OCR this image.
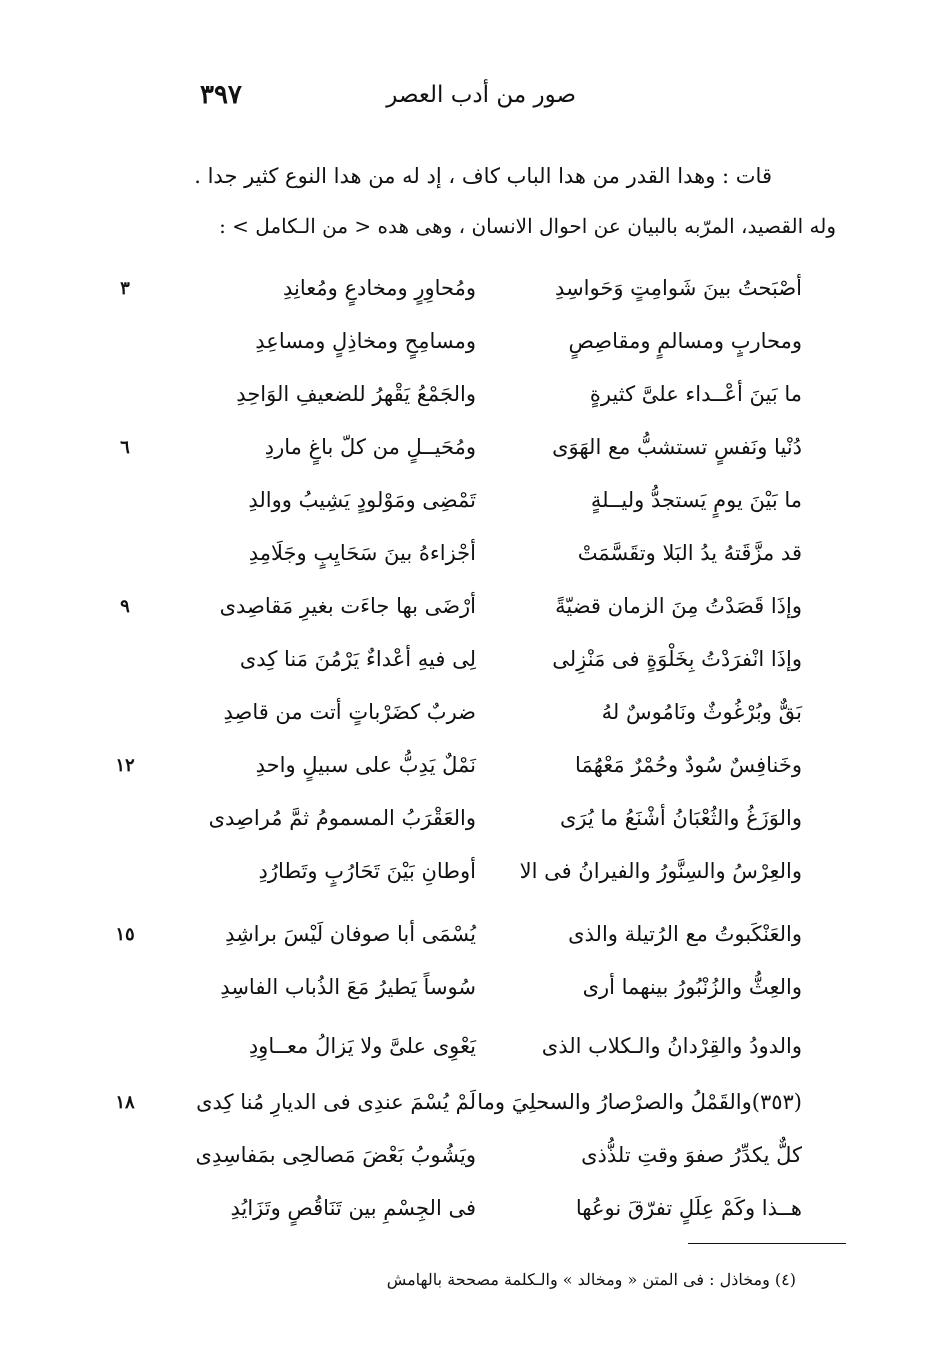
صور من أدب العصر
٣٩٧
قات : وهدا القدر من هدا الباب كاف ، إد له من هدا النوع كثير جدا .
وله القصيد، المرّبه بالبيان عن احوال الانسان ، وهى هده < من الـكامل > :
أصْبَحتُ بينَ شَوامِتٍ وَحَواسِدِ
ومُحاوِرٍ ومخادعٍ ومُعانِدِ
٣
ومحاربٍ ومسالمٍ ومقاصِصٍ
ومسامِحٍ ومخاذِلٍ ومساعِدِ
ما بَينَ أعْــداء علىَّ كثيرةٍ
والجَمْعُ يَقْهرُ للضعيفِ الوَاحِدِ
دُنْيا ونَفسٍ تستشبُّ مع الهَوَى
ومُحَيــلٍ من كلّ باغٍ ماردِ
٦
ما بَيْنَ يومٍ يَستجدُّ وليــلةٍ
تَمْضِى ومَوْلودٍ يَشِيبُ ووالدِ
قد مزَّقَتهُ يدُ البَلا وتقَسَّمَتْ
أجْزاءهُ بينَ سَحَايِبٍ وجَلَامِدِ
وإذَا قَصَدْتُ مِنَ الزمان قضيّةً
أرْضَى بها جاءَت بغيرِ مَقاصِدى
٩
وإذَا انْفرَدْتُ بِخَلْوَةٍ فى مَنْزِلى
لِى فيهِ أعْداءٌ يَرْمُنَ مَنا كِدى
بَقٌّ وبُرْغُوثٌ ونَامُوسٌ لهُ
ضربٌ كضَرْباتٍ أتت من قاصِدِ
وخَنافِسٌ سُودٌ وحُمْرٌ مَعْهُمَا
نَمْلٌ يَدِبُّ على سبيلٍ واحدِ
١٢
والوَزَغُ والثُعْبَانُ أشْنَعُ ما يُرَى
والعَقْرَبُ المسمومُ ثمَّ مُراصِدى
والعِرْسُ والسِنَّورُ والفيرانُ فى الا
أوطانِ بَيْنَ تَحَارُبٍ وتَطارُدِ
والعَنْكَبوتُ مع الرُتيلة والذى
يُسْمَى أبا صوفان لَيْسَ براشِدِ
١٥
والعِثُّ والزُنْبُورُ بينهما أرى
سُوساً يَطيرُ مَعَ الذُباب الفاسِدِ
والدودُ والقِرْدانُ والـكلاب الذى
يَعْوِى علىَّ ولا يَزالُ معــاوِدِ
(٣٥٣)والقَمْلُ والصرْصارُ والسحلِيَ وما
لَمْ يُسْمَ عندِى فى الديارِ مُنا كِدى
١٨
كلٌّ يكدِّرُ صفوَ وقتِ تلذُّذى
ويَشُوبُ بَعْضَ مَصالحِى بمَفاسِدِى
هــذا وكَمْ عِلَلٍ تفرّقَ نوعُها
فى الجِسْمِ بين تَنَاقُصٍ وتَزَايُدِ
(٤) ومخاذل : فى المتن « ومخالد » والـكلمة مصححة بالهامش
